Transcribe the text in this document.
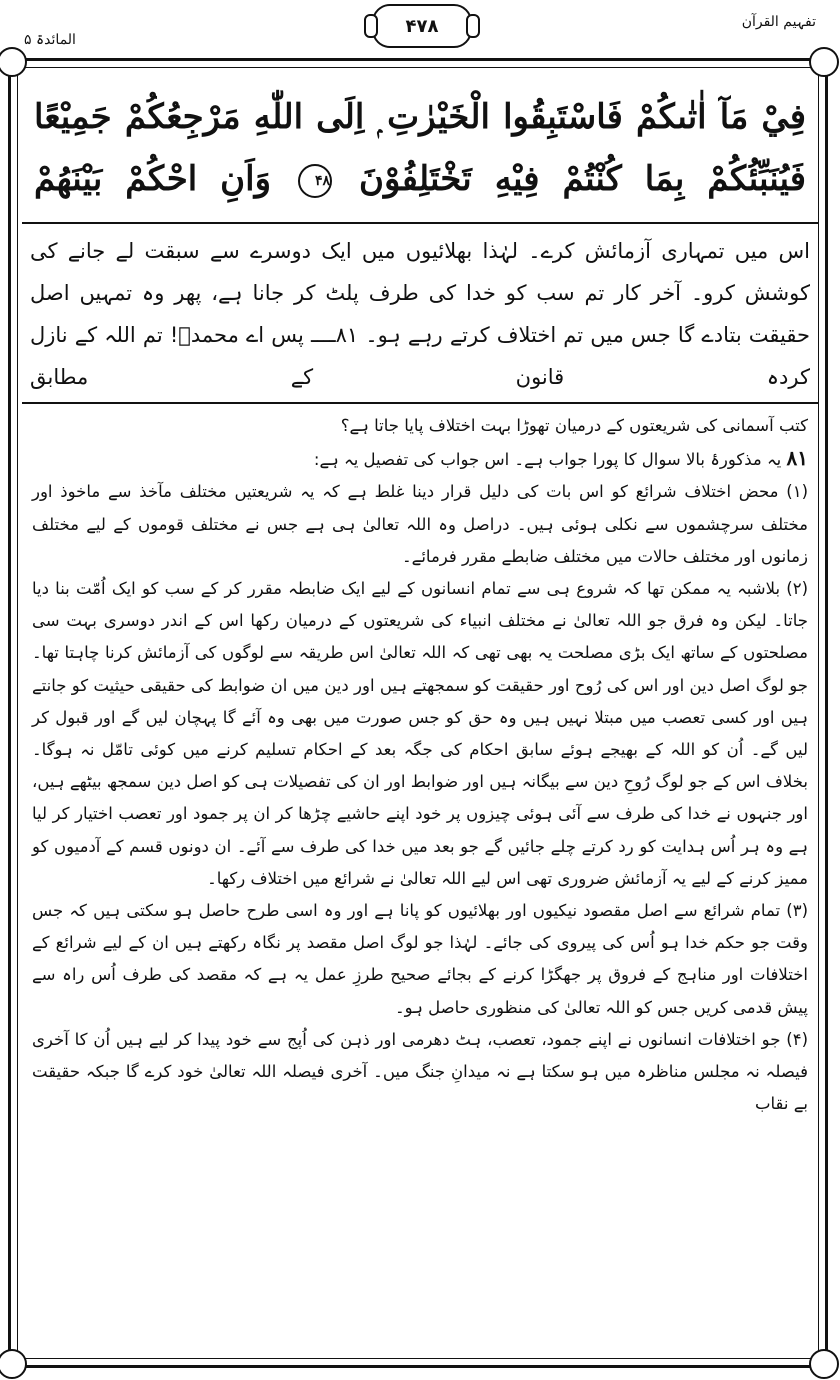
المائدۃ ۵
۴۷۸	تفہیم القرآن

فِيْ مَآ اٰتٰىكُمْ فَاسْتَبِقُوا الْخَيْرٰتِ ۭ اِلَى اللّٰهِ مَرْجِعُكُمْ جَمِيْعًا فَيُنَبِّئُكُمْ بِمَا كُنْتُمْ فِيْهِ تَخْتَلِفُوْنَ ۴۸ وَاَنِ احْكُمْ بَيْنَهُمْ

اس میں تمہاری آزمائش کرے۔ لہٰذا بھلائیوں میں ایک دوسرے سے سبقت لے جانے کی کوشش کرو۔ آخر کار تم سب کو خدا کی طرف پلٹ کر جانا ہے، پھر وہ تمہیں اصل حقیقت بتادے گا جس میں تم اختلاف کرتے رہے ہو۔ ۸۱ــــ پس اے محمدؐ! تم اللہ کے نازل کردہ قانون کے مطابق

کتب آسمانی کی شریعتوں کے درمیان تھوڑا بہت اختلاف پایا جاتا ہے؟

۸۱ یہ مذکورۂ بالا سوال کا پورا جواب ہے۔ اس جواب کی تفصیل یہ ہے:

(۱) محض اختلاف شرائع کو اس بات کی دلیل قرار دینا غلط ہے کہ یہ شریعتیں مختلف مآخذ سے ماخوذ اور مختلف سرچشموں سے نکلی ہوئی ہیں۔ دراصل وہ اللہ تعالیٰ ہی ہے جس نے مختلف قوموں کے لیے مختلف زمانوں اور مختلف حالات میں مختلف ضابطے مقرر فرمائے۔

(۲) بلاشبہ یہ ممکن تھا کہ شروع ہی سے تمام انسانوں کے لیے ایک ضابطہ مقرر کر کے سب کو ایک اُمّت بنا دیا جاتا۔ لیکن وہ فرق جو اللہ تعالیٰ نے مختلف انبیاء کی شریعتوں کے درمیان رکھا اس کے اندر دوسری بہت سی مصلحتوں کے ساتھ ایک بڑی مصلحت یہ بھی تھی کہ اللہ تعالیٰ اس طریقہ سے لوگوں کی آزمائش کرنا چاہتا تھا۔ جو لوگ اصل دین اور اس کی رُوح اور حقیقت کو سمجھتے ہیں اور دین میں ان ضوابط کی حقیقی حیثیت کو جانتے ہیں اور کسی تعصب میں مبتلا نہیں ہیں وہ حق کو جس صورت میں بھی وہ آئے گا پہچان لیں گے اور قبول کر لیں گے۔ اُن کو اللہ کے بھیجے ہوئے سابق احکام کی جگہ بعد کے احکام تسلیم کرنے میں کوئی تامّل نہ ہوگا۔ بخلاف اس کے جو لوگ رُوحِ دین سے بیگانہ ہیں اور ضوابط اور ان کی تفصیلات ہی کو اصل دین سمجھ بیٹھے ہیں، اور جنہوں نے خدا کی طرف سے آئی ہوئی چیزوں پر خود اپنے حاشیے چڑھا کر ان پر جمود اور تعصب اختیار کر لیا ہے وہ ہر اُس ہدایت کو رد کرتے چلے جائیں گے جو بعد میں خدا کی طرف سے آئے۔ ان دونوں قسم کے آدمیوں کو ممیز کرنے کے لیے یہ آزمائش ضروری تھی اس لیے اللہ تعالیٰ نے شرائع میں اختلاف رکھا۔

(۳) تمام شرائع سے اصل مقصود نیکیوں اور بھلائیوں کو پانا ہے اور وہ اسی طرح حاصل ہو سکتی ہیں کہ جس وقت جو حکم خدا ہو اُس کی پیروی کی جائے۔ لہٰذا جو لوگ اصل مقصد پر نگاہ رکھتے ہیں ان کے لیے شرائع کے اختلافات اور مناہج کے فروق پر جھگڑا کرنے کے بجائے صحیح طرزِ عمل یہ ہے کہ مقصد کی طرف اُس راہ سے پیش قدمی کریں جس کو اللہ تعالیٰ کی منظوری حاصل ہو۔

(۴) جو اختلافات انسانوں نے اپنے جمود، تعصب، ہٹ دھرمی اور ذہن کی اُپج سے خود پیدا کر لیے ہیں اُن کا آخری فیصلہ نہ مجلس مناظرہ میں ہو سکتا ہے نہ میدانِ جنگ میں۔ آخری فیصلہ اللہ تعالیٰ خود کرے گا جبکہ حقیقت بے نقاب
